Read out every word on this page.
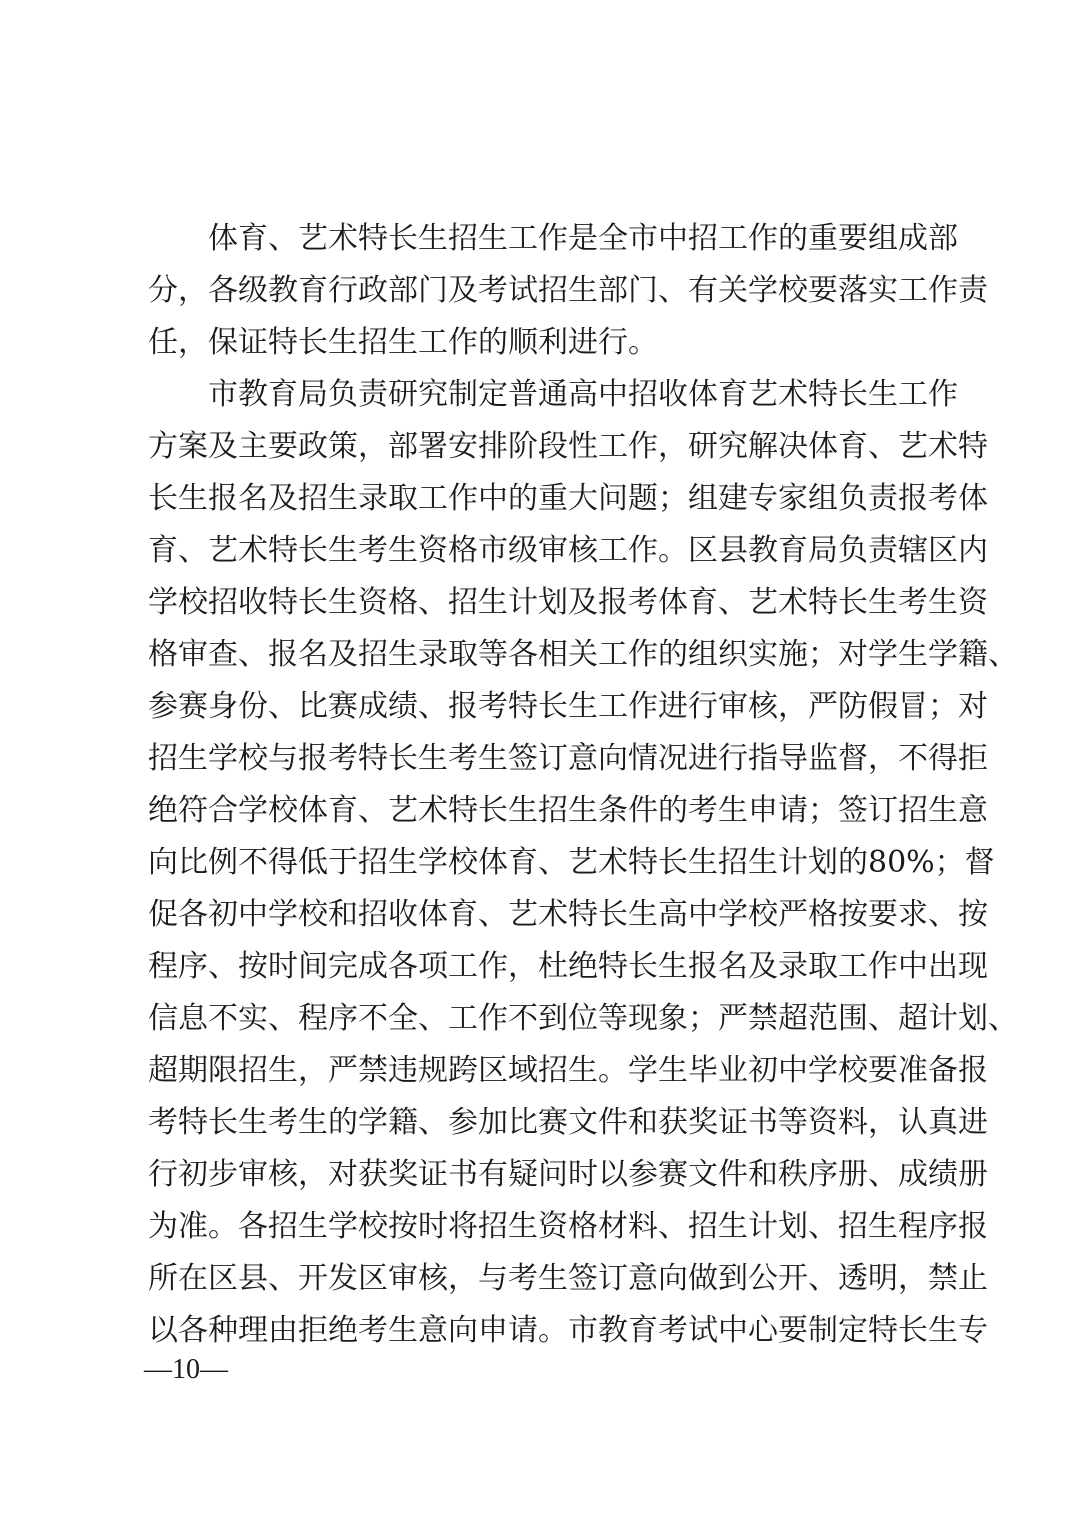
体育、艺术特长生招生工作是全市中招工作的重要组成部
分，各级教育行政部门及考试招生部门、有关学校要落实工作责
任，保证特长生招生工作的顺利进行。
市教育局负责研究制定普通高中招收体育艺术特长生工作
方案及主要政策，部署安排阶段性工作，研究解决体育、艺术特
长生报名及招生录取工作中的重大问题；组建专家组负责报考体
育、艺术特长生考生资格市级审核工作。区县教育局负责辖区内
学校招收特长生资格、招生计划及报考体育、艺术特长生考生资
格审查、报名及招生录取等各相关工作的组织实施；对学生学籍、
参赛身份、比赛成绩、报考特长生工作进行审核，严防假冒；对
招生学校与报考特长生考生签订意向情况进行指导监督，不得拒
绝符合学校体育、艺术特长生招生条件的考生申请；签订招生意
向比例不得低于招生学校体育、艺术特长生招生计划的80%；督
促各初中学校和招收体育、艺术特长生高中学校严格按要求、按
程序、按时间完成各项工作，杜绝特长生报名及录取工作中出现
信息不实、程序不全、工作不到位等现象；严禁超范围、超计划、
超期限招生，严禁违规跨区域招生。学生毕业初中学校要准备报
考特长生考生的学籍、参加比赛文件和获奖证书等资料，认真进
行初步审核，对获奖证书有疑问时以参赛文件和秩序册、成绩册
为准。各招生学校按时将招生资格材料、招生计划、招生程序报
所在区县、开发区审核，与考生签订意向做到公开、透明，禁止
以各种理由拒绝考生意向申请。市教育考试中心要制定特长生专
—10—
